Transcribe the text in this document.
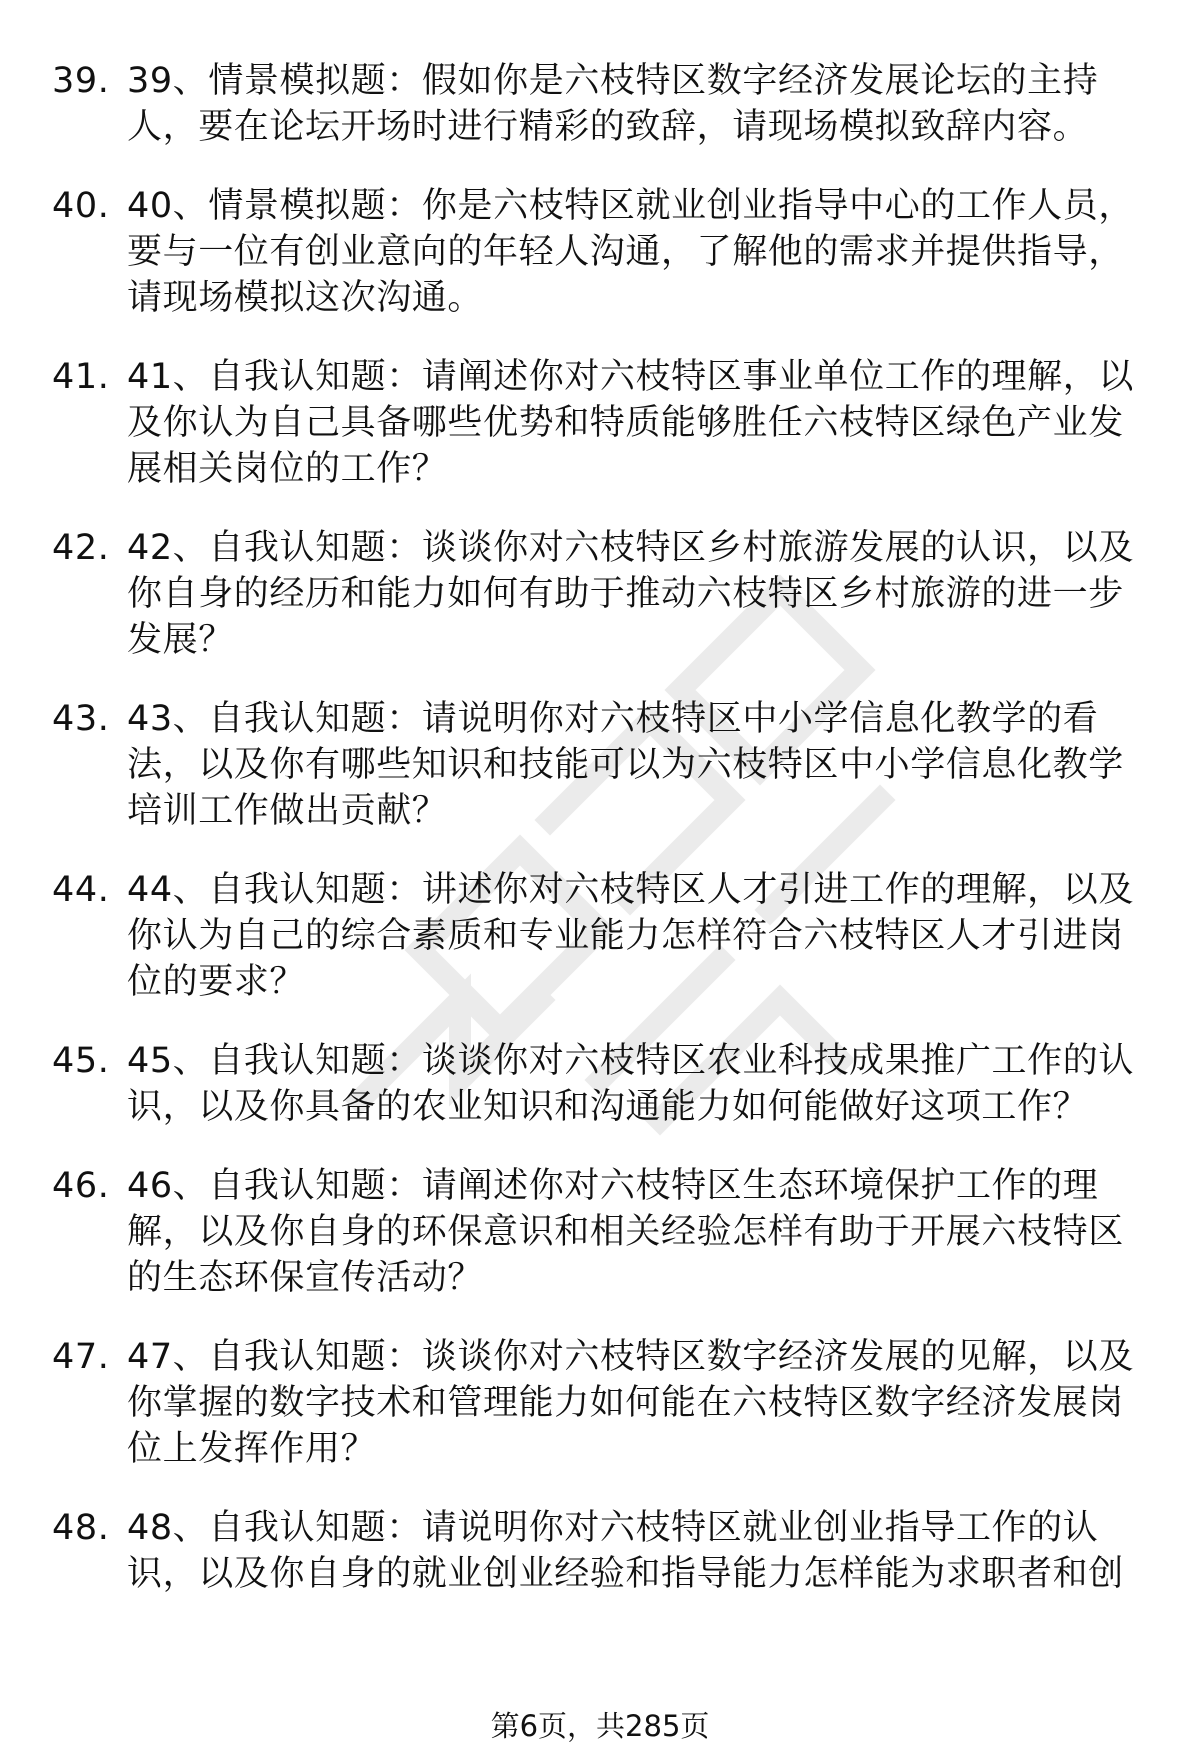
39. 39、情景模拟题：假如你是六枝特区数字经济发展论坛的主持人，要在论坛开场时进行精彩的致辞，请现场模拟致辞内容。
40. 40、情景模拟题：你是六枝特区就业创业指导中心的工作人员，要与一位有创业意向的年轻人沟通，了解他的需求并提供指导，请现场模拟这次沟通。
41. 41、自我认知题：请阐述你对六枝特区事业单位工作的理解，以及你认为自己具备哪些优势和特质能够胜任六枝特区绿色产业发展相关岗位的工作？
42. 42、自我认知题：谈谈你对六枝特区乡村旅游发展的认识，以及你自身的经历和能力如何有助于推动六枝特区乡村旅游的进一步发展？
43. 43、自我认知题：请说明你对六枝特区中小学信息化教学的看法，以及你有哪些知识和技能可以为六枝特区中小学信息化教学培训工作做出贡献？
44. 44、自我认知题：讲述你对六枝特区人才引进工作的理解，以及你认为自己的综合素质和专业能力怎样符合六枝特区人才引进岗位的要求？
45. 45、自我认知题：谈谈你对六枝特区农业科技成果推广工作的认识，以及你具备的农业知识和沟通能力如何能做好这项工作？
46. 46、自我认知题：请阐述你对六枝特区生态环境保护工作的理解，以及你自身的环保意识和相关经验怎样有助于开展六枝特区的生态环保宣传活动？
47. 47、自我认知题：谈谈你对六枝特区数字经济发展的见解，以及你掌握的数字技术和管理能力如何能在六枝特区数字经济发展岗位上发挥作用？
48. 48、自我认知题：请说明你对六枝特区就业创业指导工作的认识，以及你自身的就业创业经验和指导能力怎样能为求职者和创
第6页，共285页
